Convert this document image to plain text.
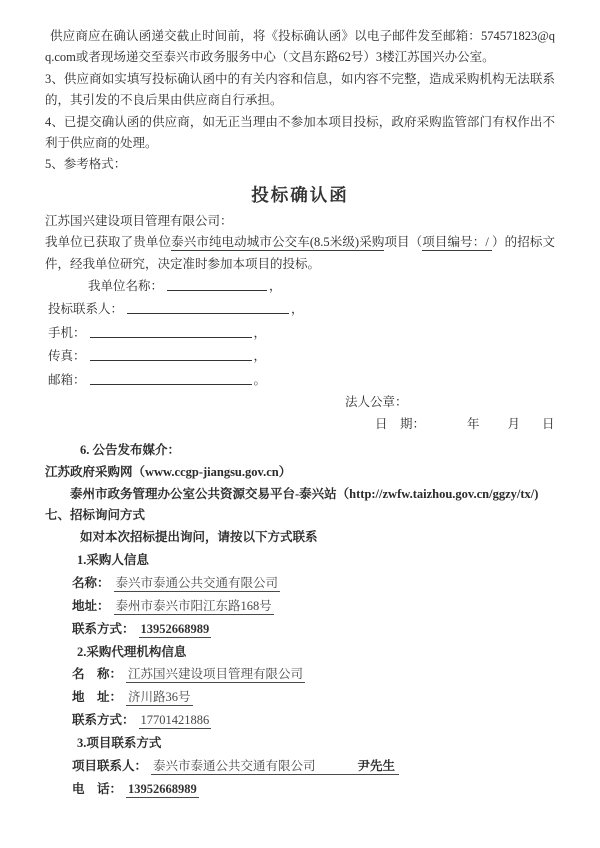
供应商应在确认函递交截止时间前，将《投标确认函》以电子邮件发至邮箱：574571823@qq.com或者现场递交至泰兴市政务服务中心（文昌东路62号）3楼江苏国兴办公室。

3、供应商如实填写投标确认函中的有关内容和信息，如内容不完整，造成采购机构无法联系的，其引发的不良后果由供应商自行承担。

4、已提交确认函的供应商，如无正当理由不参加本项目投标，政府采购监管部门有权作出不利于供应商的处理。

5、参考格式：

投标确认函

江苏国兴建设项目管理有限公司：

我单位已获取了贵单位泰兴市纯电动城市公交车(8.5米级)采购项目（项目编号：/ ）的招标文件，经我单位研究，决定准时参加本项目的投标。

我单位名称：	，
投标联系人：	，
手机：	，
传真：	，
邮箱：	。
法人公章：
日　期：	年 月 日

6. 公告发布媒介：

江苏政府采购网（www.ccgp-jiangsu.gov.cn）

泰州市政务管理办公室公共资源交易平台-泰兴站（http://zwfw.taizhou.gov.cn/ggzy/tx/)

七、招标询问方式

如对本次招标提出询问，请按以下方式联系

1.采购人信息
名称： 泰兴市泰通公共交通有限公司
地址： 泰州市泰兴市阳江东路168号
联系方式： 13952668989
2.采购代理机构信息
名　称： 江苏国兴建设项目管理有限公司
地　址： 济川路36号
联系方式： 17701421886
3.项目联系方式
项目联系人： 泰兴市泰通公共交通有限公司	尹先生
电　话： 13952668989
